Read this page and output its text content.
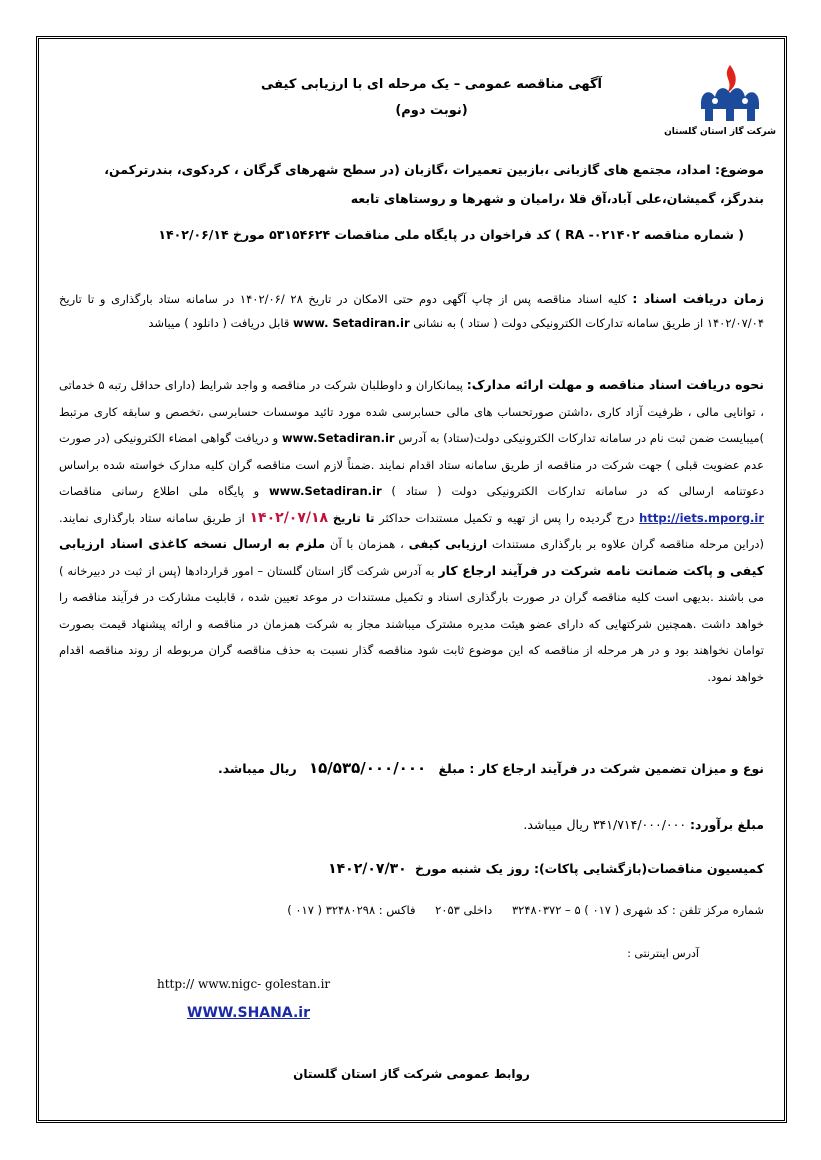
شرکت گاز استان گلستان
آگهی مناقصه عمومی – یک مرحله ای با ارزیابی کیفی
(نوبت دوم)
موضوع: امداد، مجتمع های گازبانی ،بازبین تعمیرات ،گازبان (در سطح شهرهای گرگان ، کردکوی، بندرترکمن،
بندرگز، گمیشان،علی آباد،آق قلا ،رامیان و شهرها و روستاهای تابعه
( شماره مناقصه RA -۰۲۱۴۰۲ ) کد فراخوان در پایگاه ملی مناقصات ۵۳۱۵۴۶۲۴ مورخ ۱۴۰۲/۰۶/۱۴
زمان دریافت اسناد : کلیه اسناد مناقصه پس از چاپ آگهی دوم حتی الامکان در تاریخ ۲۸ /۱۴۰۲/۰۶ در سامانه ستاد بارگذاری و تا تاریخ ۱۴۰۲/۰۷/۰۴ از طریق سامانه تدارکات الکترونیکی دولت ( ستاد ) به نشانی www. Setadiran.ir قابل دریافت ( دانلود ) میباشد
نحوه دریافت اسناد مناقصه و مهلت ارائه مدارک: پیمانکاران و داوطلبان شرکت در مناقصه و واجد شرایط (دارای حداقل رتبه ۵ خدماتی ، توانایی مالی ، ظرفیت آزاد کاری ،داشتن صورتحساب های مالی حسابرسی شده مورد تائید موسسات حسابرسی ،تخصص و سابقه کاری مرتبط )میبایست ضمن ثبت نام در سامانه تدارکات الکترونیکی دولت(ستاد) به آدرس www.Setadiran.ir و دریافت گواهی امضاء الکترونیکی (در صورت عدم عضویت قبلی ) جهت شرکت در مناقصه از طریق سامانه ستاد اقدام نمایند .ضمناً لازم است مناقصه گران کلیه مدارک خواسته شده براساس دعوتنامه ارسالی که در سامانه تدارکات الکترونیکی دولت ( ستاد ) www.Setadiran.ir و پایگاه ملی اطلاع رسانی مناقصات http://iets.mporg.ir درج گردیده را پس از تهیه و تکمیل مستندات حداکثر تا تاریخ ۱۴۰۲/۰۷/۱۸ از طریق سامانه ستاد بارگذاری نمایند.(دراین مرحله مناقصه گران علاوه بر بارگذاری مستندات ارزیابی کیفی ، همزمان با آن ملزم به ارسال نسخه کاغذی اسناد ارزیابی کیفی و پاکت ضمانت نامه شرکت در فرآیند ارجاع کار به آدرس شرکت گاز استان گلستان – امور قراردادها (پس از ثبت در دبیرخانه ) می باشند .بدیهی است کلیه مناقصه گران در صورت بارگذاری اسناد و تکمیل مستندات در موعد تعیین شده ، قابلیت مشارکت در فرآیند مناقصه را خواهد داشت .همچنین شرکتهایی که دارای عضو هیئت مدیره مشترک میباشند مجاز به شرکت همزمان در مناقصه و ارائه پیشنهاد قیمت بصورت توامان نخواهند بود و در هر مرحله از مناقصه که این موضوع ثابت شود مناقصه گذار نسبت به حذف مناقصه گران مربوطه از روند مناقصه اقدام خواهد نمود.
نوع و میزان تضمین شرکت در فرآیند ارجاع کار : مبلغ ۱۵/۵۳۵/۰۰۰/۰۰۰ ریال میباشد.
مبلغ برآورد: ۳۴۱/۷۱۴/۰۰۰/۰۰۰ ریال میباشد.
کمیسیون مناقصات(بازگشایی پاکات): روز یک شنبه مورخ ۱۴۰۲/۰۷/۳۰
شماره مرکز تلفن : کد شهری ( ۰۱۷ ) ۵ – ۳۲۴۸۰۳۷۲ داخلی ۲۰۵۳ فاکس : ۳۲۴۸۰۲۹۸ ( ۰۱۷ )
آدرس اینترنتی :
http:// www.nigc- golestan.ir
WWW.SHANA.ir
روابط عمومی شرکت گاز استان گلستان
